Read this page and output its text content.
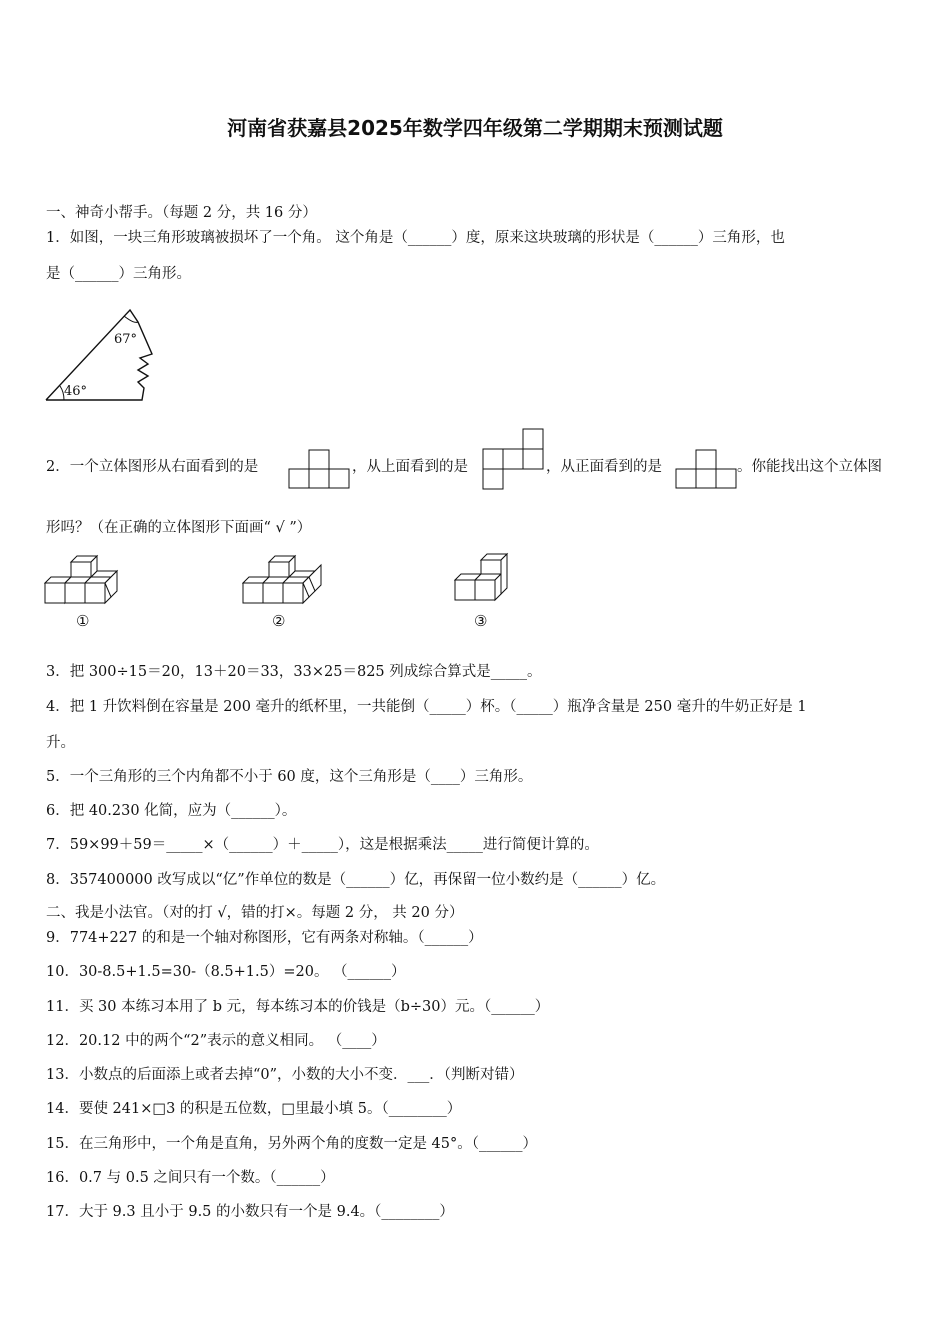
河南省获嘉县2025年数学四年级第二学期期末预测试题
一、神奇小帮手。（每题 2 分，共 16 分）
1．如图，一块三角形玻璃被损坏了一个角。 这个角是（______）度，原来这块玻璃的形状是（______）三角形，也
是（______）三角形。
67°
46°
2．一个立体图形从右面看到的是	，从上面看到的是	，从正面看到的是	。你能找出这个立体图
形吗？（在正确的立体图形下面画“ √ ”）
①	②	③
3．把 300÷15＝20，13＋20＝33，33×25＝825 列成综合算式是_____。
4．把 1 升饮料倒在容量是 200 毫升的纸杯里，一共能倒（_____）杯。（_____）瓶净含量是 250 毫升的牛奶正好是 1
升。
5．一个三角形的三个内角都不小于 60 度，这个三角形是（____）三角形。
6．把 40.230 化简，应为（______）。
7．59×99＋59＝_____×（______）＋_____），这是根据乘法_____进行简便计算的。
8．357400000 改写成以“亿”作单位的数是（______）亿，再保留一位小数约是（______）亿。
二、我是小法官。（对的打 √，错的打×。每题 2 分， 共 20 分）
9．774+227 的和是一个轴对称图形，它有两条对称轴。（______）
10．30-8.5+1.5=30-（8.5+1.5）=20。 （______）
11．买 30 本练习本用了 b 元，每本练习本的价钱是（b÷30）元。（______）
12．20.12 中的两个“2”表示的意义相同。 （____）
13．小数点的后面添上或者去掉“0”，小数的大小不变．___．（判断对错）
14．要使 241×□3 的积是五位数，□里最小填 5。（________）
15．在三角形中，一个角是直角，另外两个角的度数一定是 45°。（______）
16．0.7 与 0.5 之间只有一个数。（______）
17．大于 9.3 且小于 9.5 的小数只有一个是 9.4。（________）
